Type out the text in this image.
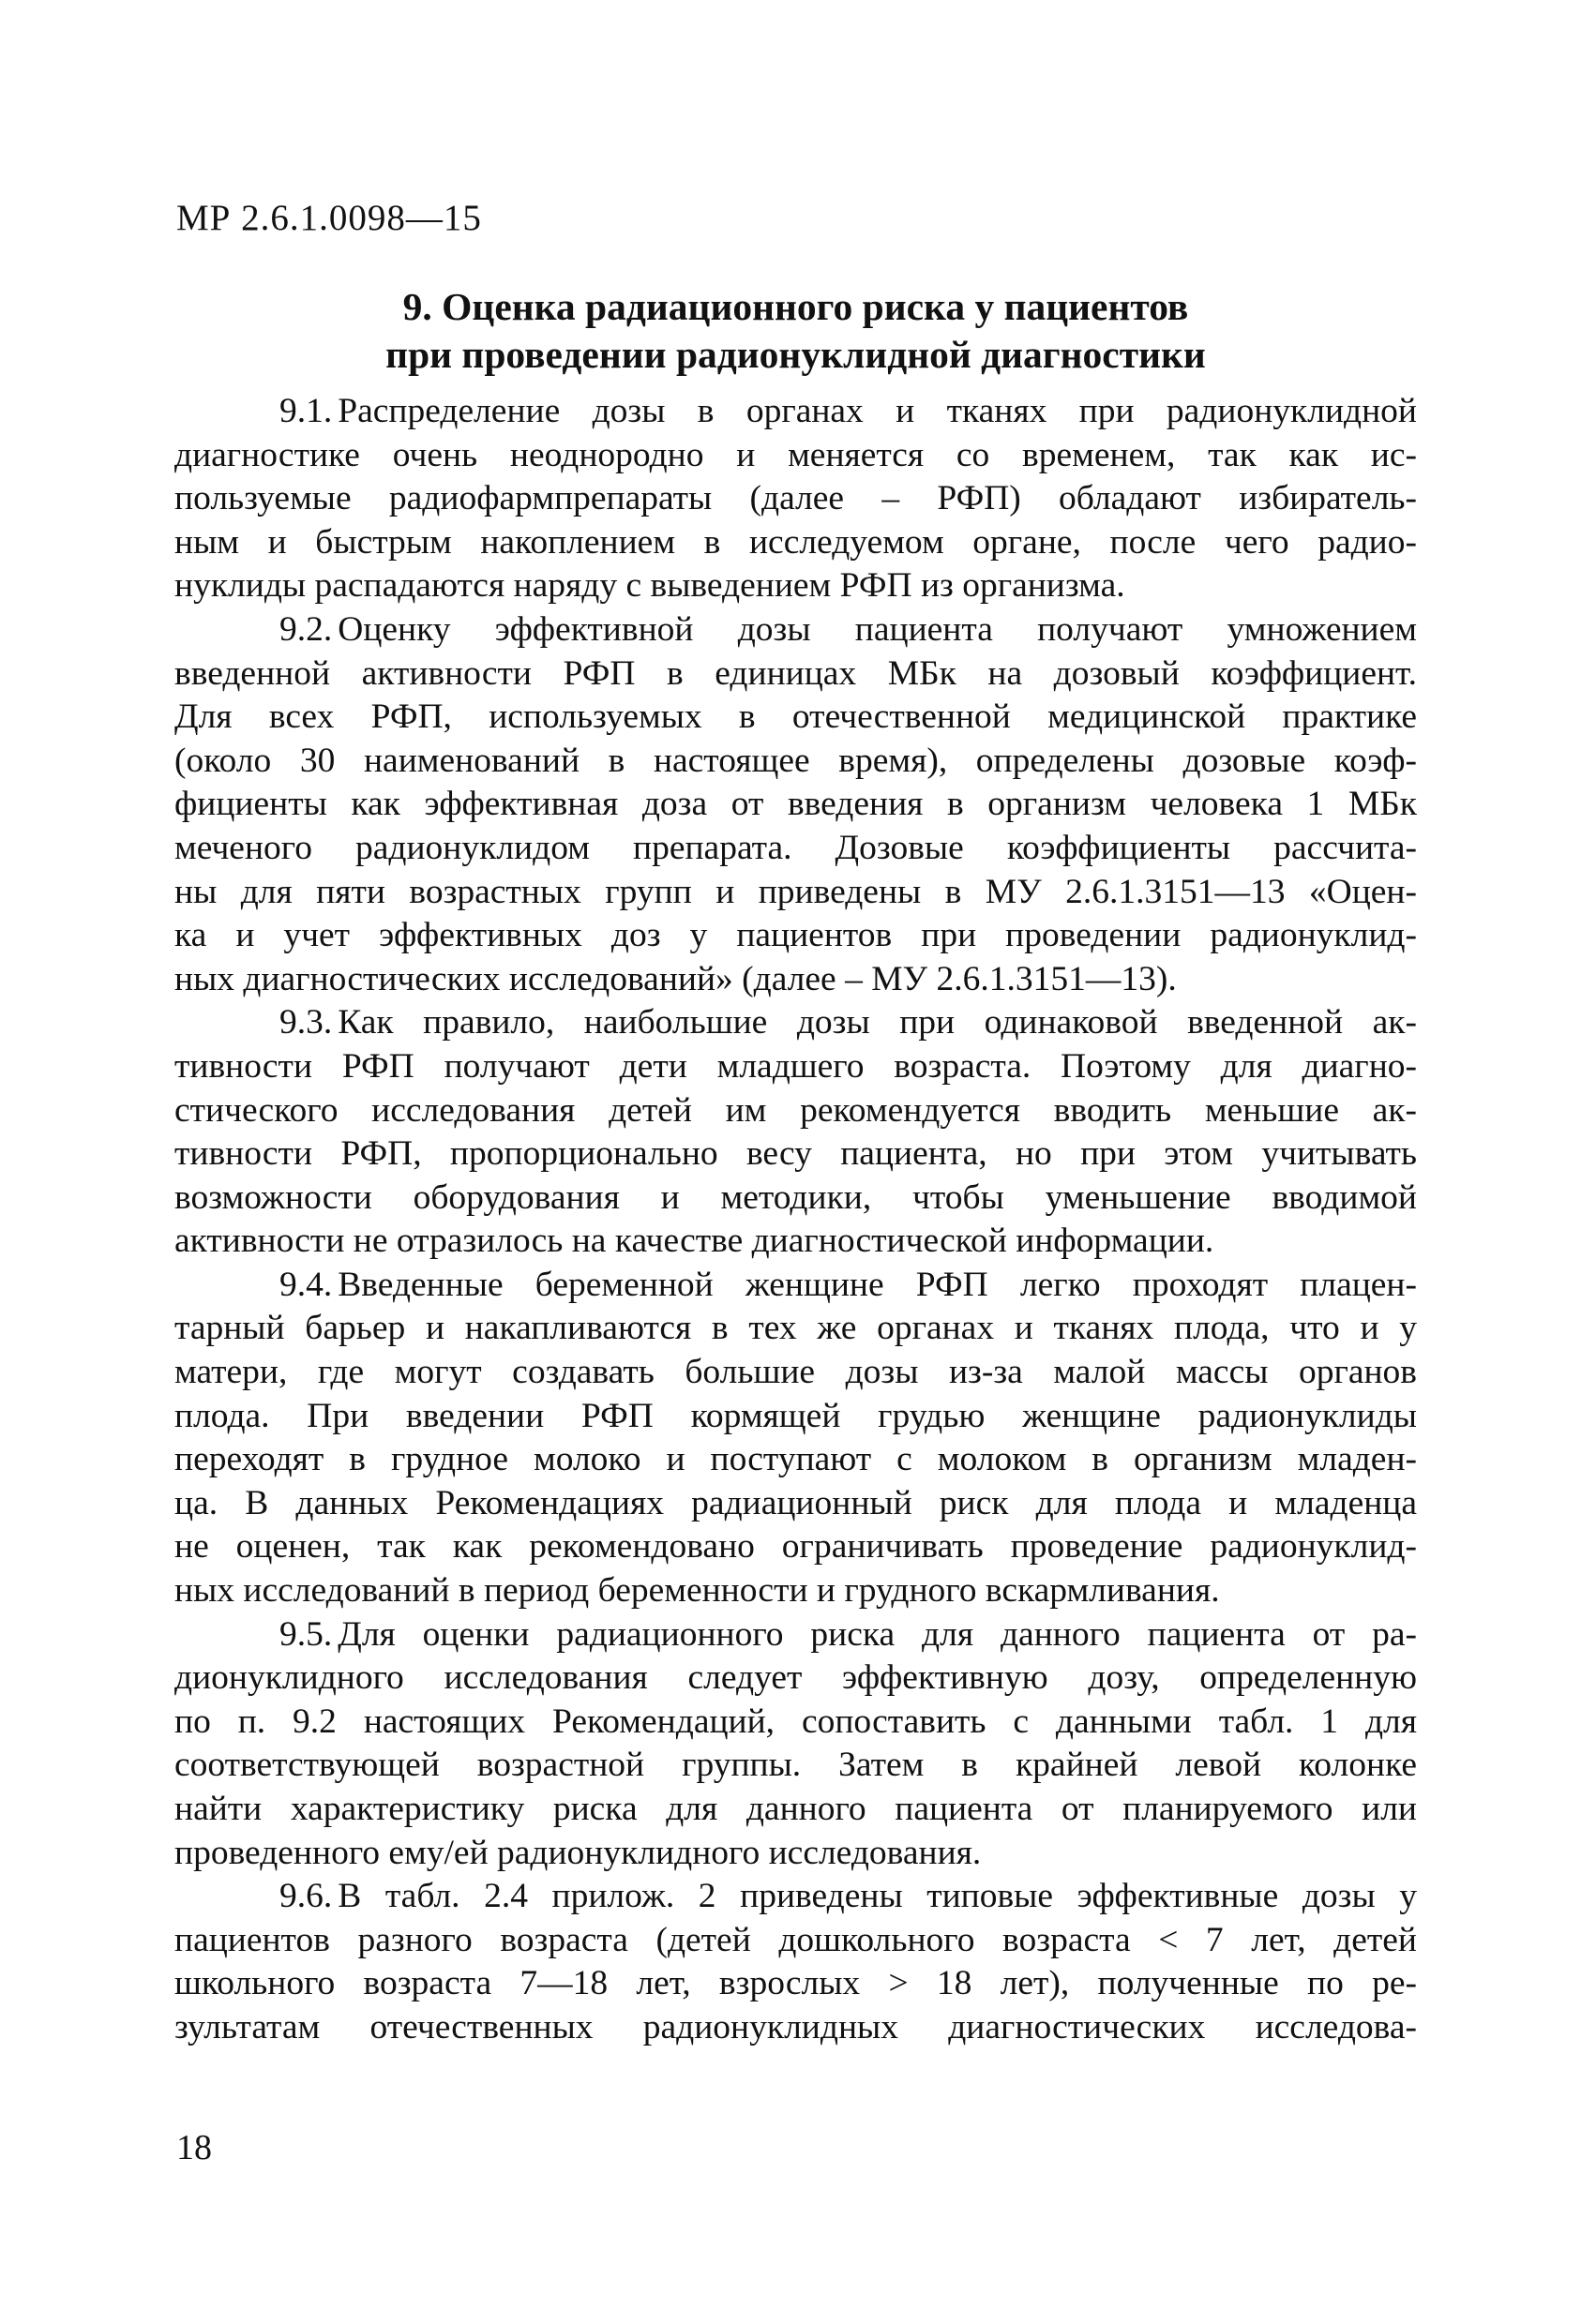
МР 2.6.1.0098—15

9. Оценка радиационного риска у пациентов
при проведении радионуклидной диагностики

9.1. Распределение дозы в органах и тканях при радионуклидной
диагностике очень неоднородно и меняется со временем, так как ис-
пользуемые радиофармпрепараты (далее – РФП) обладают избиратель-
ным и быстрым накоплением в исследуемом органе, после чего радио-
нуклиды распадаются наряду с выведением РФП из организма.

9.2. Оценку эффективной дозы пациента получают умножением
введенной активности РФП в единицах МБк на дозовый коэффициент.
Для всех РФП, используемых в отечественной медицинской практике
(около 30 наименований в настоящее время), определены дозовые коэф-
фициенты как эффективная доза от введения в организм человека 1 МБк
меченого радионуклидом препарата. Дозовые коэффициенты рассчита-
ны для пяти возрастных групп и приведены в МУ 2.6.1.3151—13 «Оцен-
ка и учет эффективных доз у пациентов при проведении радионуклид-
ных диагностических исследований» (далее – МУ 2.6.1.3151—13).

9.3. Как правило, наибольшие дозы при одинаковой введенной ак-
тивности РФП получают дети младшего возраста. Поэтому для диагно-
стического исследования детей им рекомендуется вводить меньшие ак-
тивности РФП, пропорционально весу пациента, но при этом учитывать
возможности оборудования и методики, чтобы уменьшение вводимой
активности не отразилось на качестве диагностической информации.

9.4. Введенные беременной женщине РФП легко проходят плацен-
тарный барьер и накапливаются в тех же органах и тканях плода, что и у
матери, где могут создавать большие дозы из-за малой массы органов
плода. При введении РФП кормящей грудью женщине радионуклиды
переходят в грудное молоко и поступают с молоком в организм младен-
ца. В данных Рекомендациях радиационный риск для плода и младенца
не оценен, так как рекомендовано ограничивать проведение радионуклид-
ных исследований в период беременности и грудного вскармливания.

9.5. Для оценки радиационного риска для данного пациента от ра-
дионуклидного исследования следует эффективную дозу, определенную
по п. 9.2 настоящих Рекомендаций, сопоставить с данными табл. 1 для
соответствующей возрастной группы. Затем в крайней левой колонке
найти характеристику риска для данного пациента от планируемого или
проведенного ему/ей радионуклидного исследования.

9.6. В табл. 2.4 прилож. 2 приведены типовые эффективные дозы у
пациентов разного возраста (детей дошкольного возраста < 7 лет, детей
школьного возраста 7—18 лет, взрослых > 18 лет), полученные по ре-
зультатам отечественных радионуклидных диагностических исследова-

18
